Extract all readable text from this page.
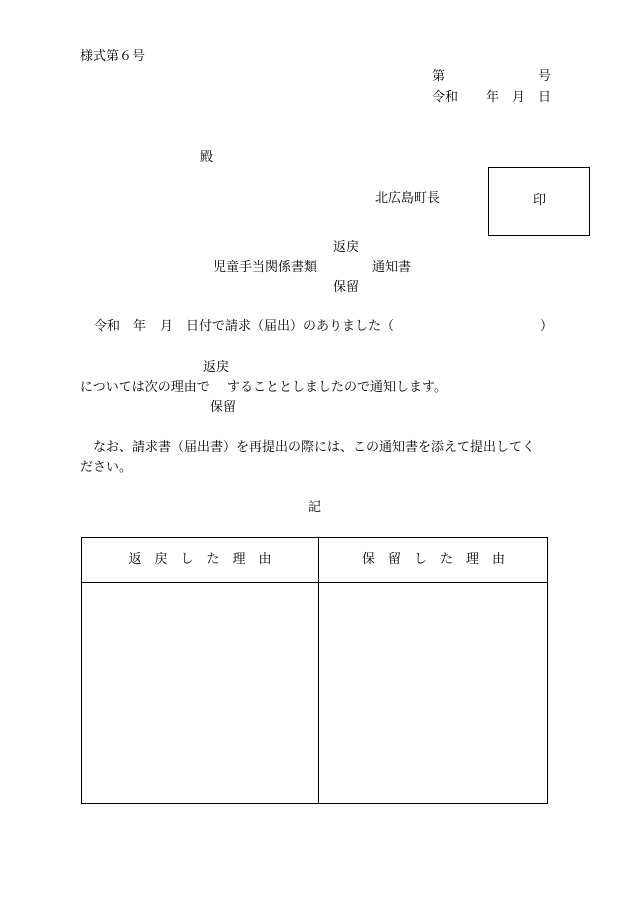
様式第６号
第	号
令和 年 月 日
殿
北広島町長	印
返戻
児童手当関係書類	通知書
保留
令和 年 月 日付で請求（届出）のありました（	）
返戻
については次の理由で することとしましたので通知します。
保留
なお、請求書（届出書）を再提出の際には、この通知書を添えて提出してく
ださい。
記
返戻した理由	保留した理由
